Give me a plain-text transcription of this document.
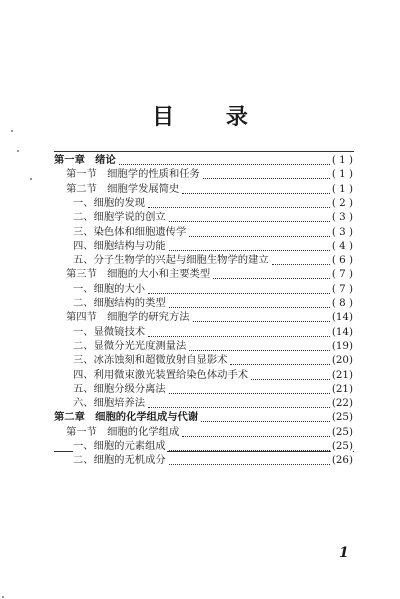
目 录
第一章　绪论	( 1 )
第一节　细胞学的性质和任务	( 1 )
第二节　细胞学发展简史	( 1 )
一、细胞的发现	( 2 )
二、细胞学说的创立	( 3 )
三、染色体和细胞遗传学	( 3 )
四、细胞结构与功能	( 4 )
五、分子生物学的兴起与细胞生物学的建立	( 6 )
第三节　细胞的大小和主要类型	( 7 )
一、细胞的大小	( 7 )
二、细胞结构的类型	( 8 )
第四节　细胞学的研究方法	(14)
一、显微镜技术	(14)
二、显微分光光度测量法	(19)
三、冰冻蚀刻和超微放射自显影术	(20)
四、利用微束激光装置给染色体动手术	(21)
五、细胞分级分离法	(21)
六、细胞培养法	(22)
第二章　细胞的化学组成与代谢	(25)
第一节　细胞的化学组成	(25)
一、细胞的元素组成	(25)
二、细胞的无机成分	(26)
1
